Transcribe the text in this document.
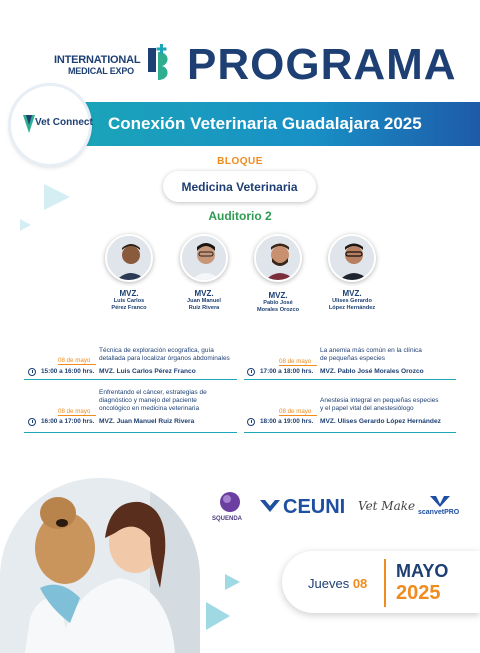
INTERNATIONAL
MEDICAL EXPO PROGRAMA
Conexión Veterinaria Guadalajara 2025
Vet Connect
BLOQUE
Medicina Veterinaria
Auditorio 2
MVZ.
Luis Carlos
Pérez Franco
MVZ.
Juan Manuel
Ruiz Rivera
MVZ.
Pablo José
Morales Orozco
MVZ.
Ulises Gerardo
López Hernández
Técnica de exploración ecografica, guía
detallada para localizar órganos abdominales
08 de mayo
15:00 a 16:00 hrs. MVZ. Luis Carlos Pérez Franco
La anemia más común en la clínica
de pequeñas especies
08 de mayo
17:00 a 18:00 hrs. MVZ. Pablo José Morales Orozco
Enfrentando el cáncer, estrategias de
diagnóstico y manejo del paciente
oncológico en medicina veterinaria
08 de mayo
16:00 a 17:00 hrs. MVZ. Juan Manuel Ruiz Rivera
Anestesia integral en pequeñas especies
y el papel vital del anestesiólogo
08 de mayo
18:00 a 19:00 hrs. MVZ. Ulises Gerardo López Hernández
SQUENDA
CEUNI Vet Make scanvetPRO
Jueves 08
MAYO
2025
